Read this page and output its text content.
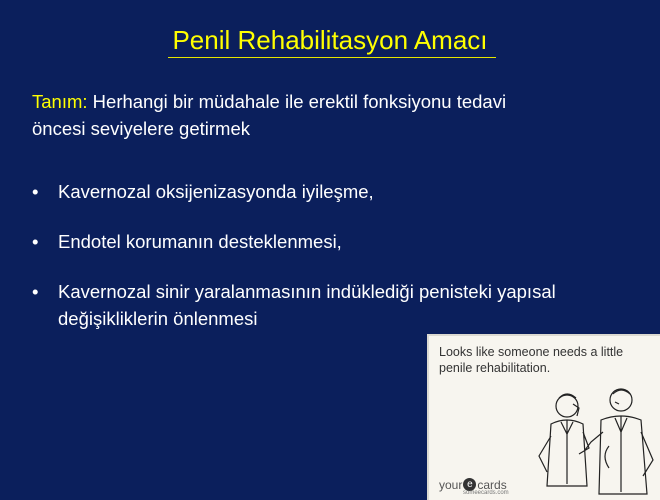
Penil Rehabilitasyon Amacı
Tanım: Herhangi bir müdahale ile erektil fonksiyonu tedavi
öncesi seviyelere getirmek
• Kavernozal oksijenizasyonda iyileşme,
• Endotel korumanın desteklenmesi,
• Kavernozal sinir yaralanmasının indüklediği penisteki yapısal
değişikliklerin önlenmesi
Looks like someone needs a little penile rehabilitation.
your e cards
someecards.com
